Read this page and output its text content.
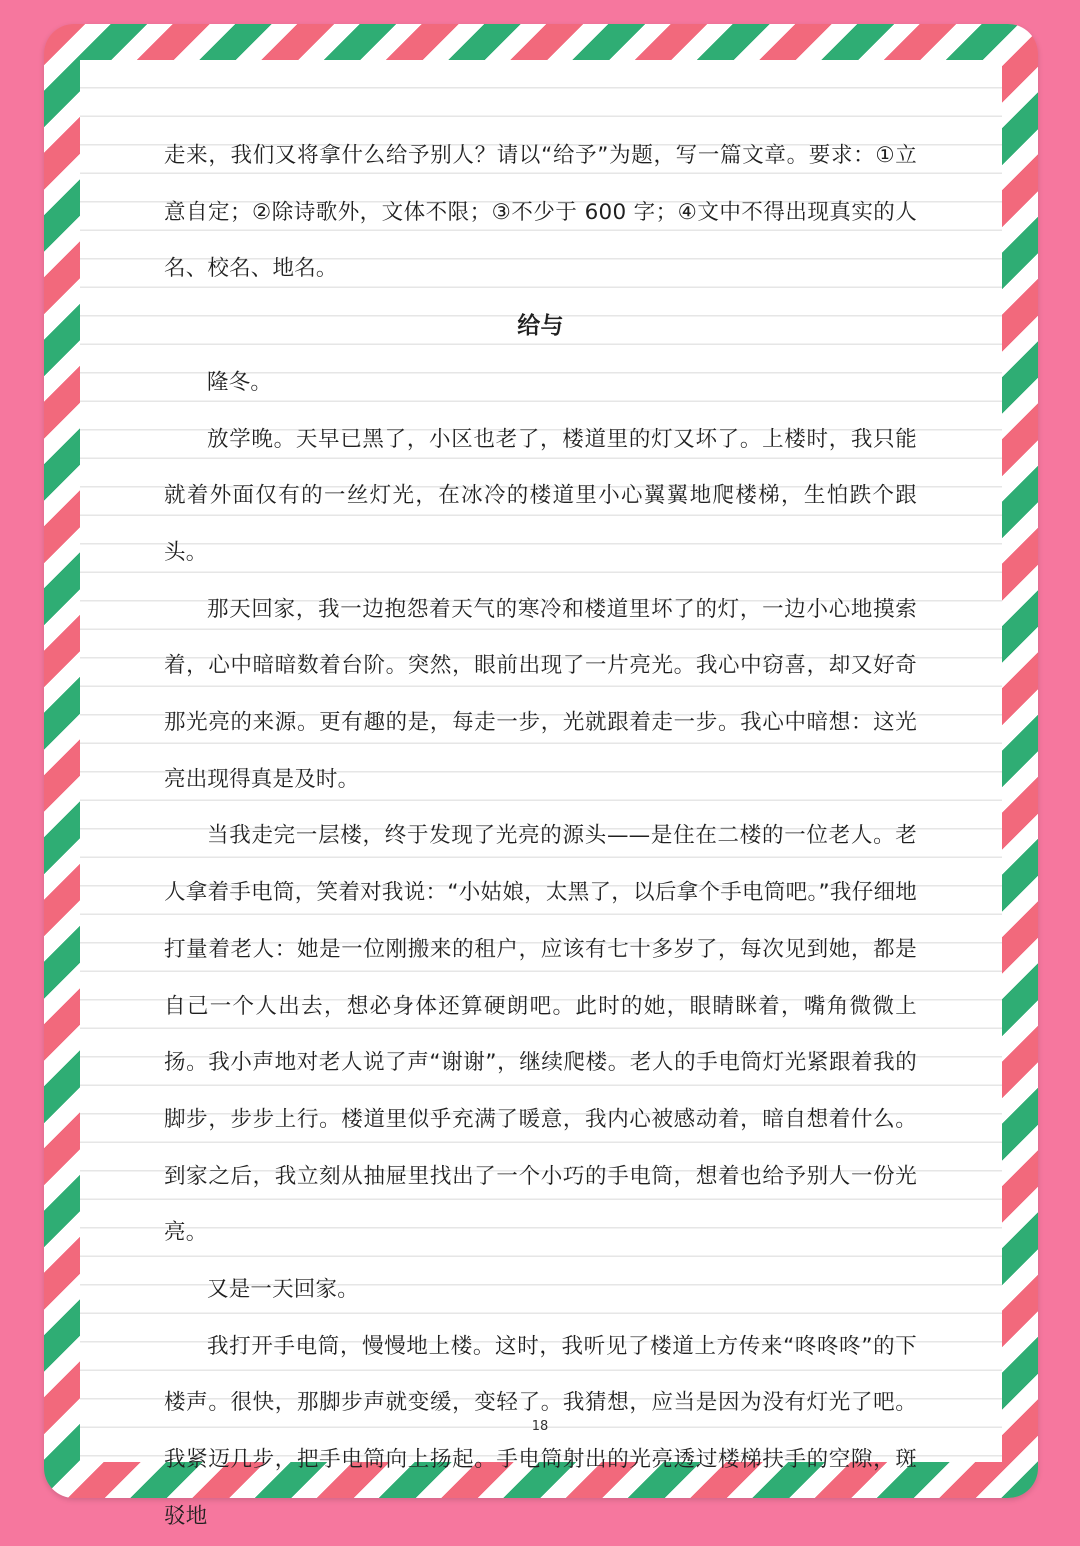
走来，我们又将拿什么给予别人？请以“给予”为题，写一篇文章。要求：①立意自定；②除诗歌外，文体不限；③不少于 600 字；④文中不得出现真实的人名、校名、地名。

给与

隆冬。

放学晚。天早已黑了，小区也老了，楼道里的灯又坏了。上楼时，我只能就着外面仅有的一丝灯光，在冰冷的楼道里小心翼翼地爬楼梯，生怕跌个跟头。

那天回家，我一边抱怨着天气的寒冷和楼道里坏了的灯，一边小心地摸索着，心中暗暗数着台阶。突然，眼前出现了一片亮光。我心中窃喜，却又好奇那光亮的来源。更有趣的是，每走一步，光就跟着走一步。我心中暗想：这光亮出现得真是及时。

当我走完一层楼，终于发现了光亮的源头——是住在二楼的一位老人。老人拿着手电筒，笑着对我说：“小姑娘，太黑了，以后拿个手电筒吧。”我仔细地打量着老人：她是一位刚搬来的租户，应该有七十多岁了，每次见到她，都是自己一个人出去，想必身体还算硬朗吧。此时的她，眼睛眯着，嘴角微微上扬。我小声地对老人说了声“谢谢”，继续爬楼。老人的手电筒灯光紧跟着我的脚步，步步上行。楼道里似乎充满了暖意，我内心被感动着，暗自想着什么。到家之后，我立刻从抽屉里找出了一个小巧的手电筒，想着也给予别人一份光亮。

又是一天回家。

我打开手电筒，慢慢地上楼。这时，我听见了楼道上方传来“咚咚咚”的下楼声。很快，那脚步声就变缓，变轻了。我猜想，应当是因为没有灯光了吧。我紧迈几步，把手电筒向上扬起。手电筒射出的光亮透过楼梯扶手的空隙，斑驳地

18
